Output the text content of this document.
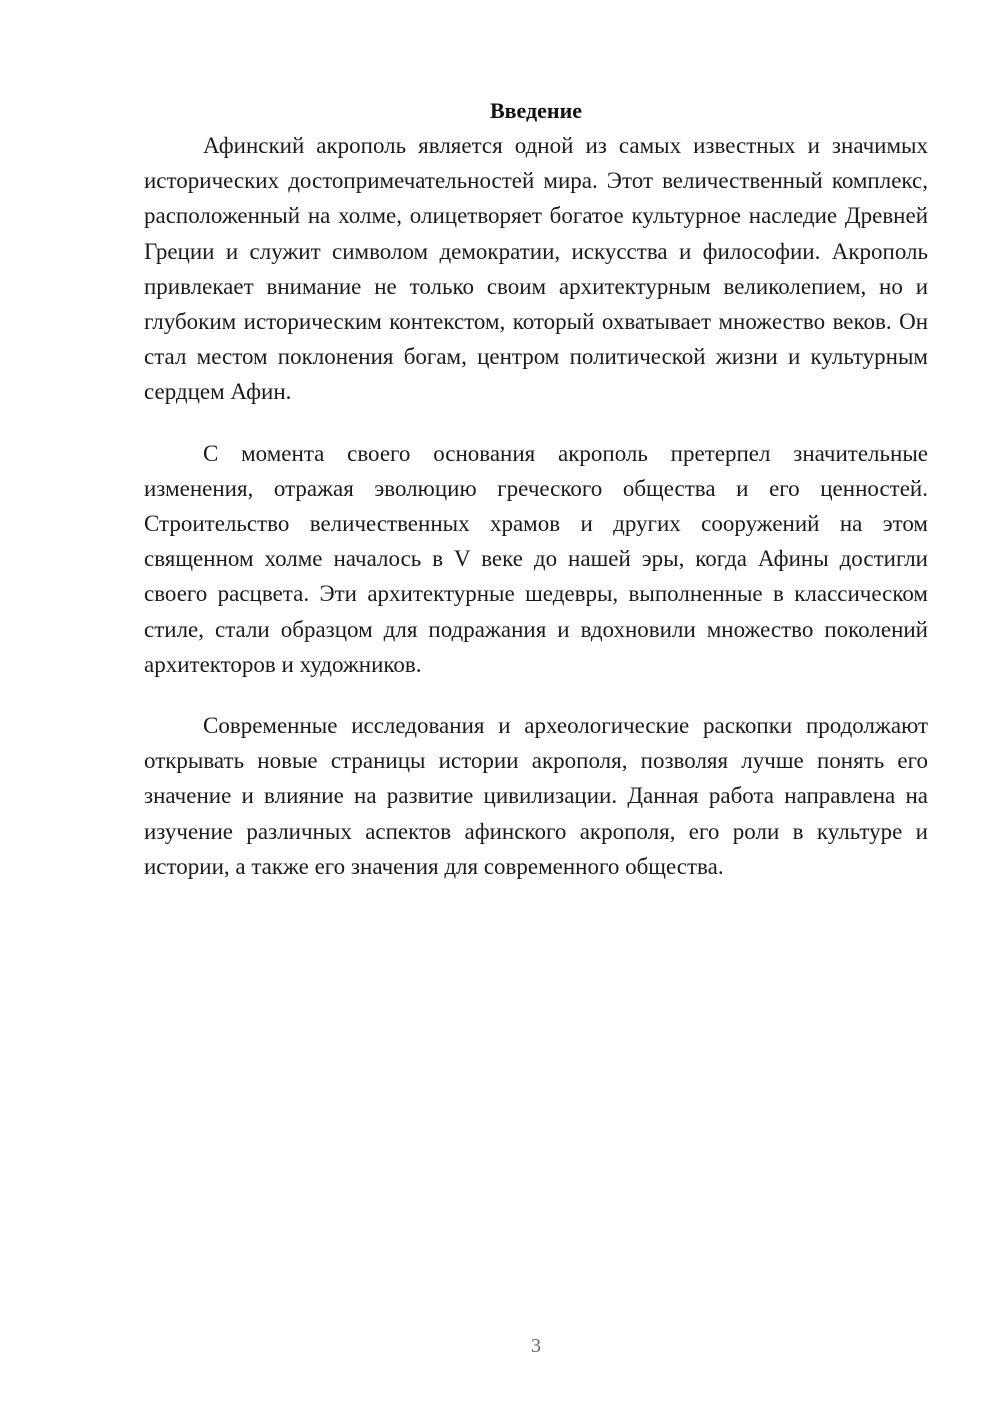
Введение

Афинский акрополь является одной из самых известных и значимых исторических достопримечательностей мира. Этот величественный комплекс, расположенный на холме, олицетворяет богатое культурное наследие Древней Греции и служит символом демократии, искусства и философии. Акрополь привлекает внимание не только своим архитектурным великолепием, но и глубоким историческим контекстом, который охватывает множество веков. Он стал местом поклонения богам, центром политической жизни и культурным сердцем Афин.

С момента своего основания акрополь претерпел значительные изменения, отражая эволюцию греческого общества и его ценностей. Строительство величественных храмов и других сооружений на этом священном холме началось в V веке до нашей эры, когда Афины достигли своего расцвета. Эти архитектурные шедевры, выполненные в классическом стиле, стали образцом для подражания и вдохновили множество поколений архитекторов и художников.

Современные исследования и археологические раскопки продолжают открывать новые страницы истории акрополя, позволяя лучше понять его значение и влияние на развитие цивилизации. Данная работа направлена на изучение различных аспектов афинского акрополя, его роли в культуре и истории, а также его значения для современного общества.

3
